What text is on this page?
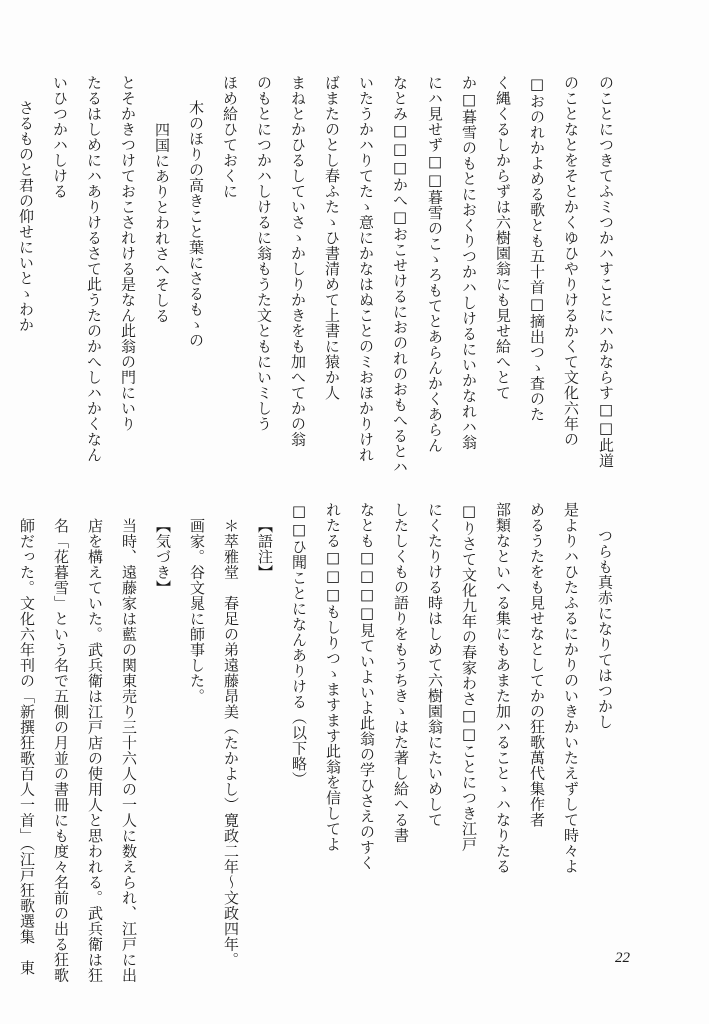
のことにつきてふミつかハすことにハかならす□□此道
のことなとをそとかくゆひやりけるかくて文化六年の
□おのれかよめる歌とも五十首□摘出つゝ査のた
く縄くるしからずは六樹園翁にも見せ給へとて
か□暮雪のもとにおくりつかハしけるにいかなれハ翁
にハ見せず□□暮雪のこゝろもてとあらんかくあらん
なとみ□□□かへ□おこせけるにおのれのおもへるとハ
いたうかハりてたゝ意にかなはぬことのミおほかりけれ
ばまたのとし春ふたゝひ書清めて上書に猿か人
まねとかひるしていさゝかしりかきをも加へてかの翁
のもとにつかハしけるに翁もうた文ともにいミしう
ほめ給ひておくに
木のほりの高きこと葉にさるもゝの
四国にありとわれさへそしる
とそかきつけておこされける是なん此翁の門にいり
たるはしめにハありけるさて此うたのかへしハかくなん
いひつかハしける
さるものと君の仰せにいとゝわか
つらも真赤になりてはつかし
是よりハひたふるにかりのいきかいたえずして時々よ
めるうたをも見せなとしてかの狂歌萬代集作者
部類なといへる集にもあまた加ハることゝハなりたる
□りさて文化九年の春家わさ□□ことにつき江戸
にくたりける時はしめて六樹園翁にたいめして
したしくもの語りをもうちきゝはた著し給へる書
なとも□□□□見ていよいよ此翁の学ひさえのすく
れたる□□□もしりつゝますます此翁を信してよ
□□ひ聞ことになんありける（以下略）
【語注】
＊萃雅堂　春足の弟遠藤昂美（たかよし）寛政二年～文政四年。
画家。谷文晁に師事した。
【気づき】
当時、遠藤家は藍の関東売り三十六人の一人に数えられ、江戸に出
店を構えていた。武兵衛は江戸店の使用人と思われる。武兵衛は狂
名「花暮雪」という名で五側の月並の書冊にも度々名前の出る狂歌
師だった。文化六年刊の「新撰狂歌百人一首」（江戸狂歌選集　東	22
